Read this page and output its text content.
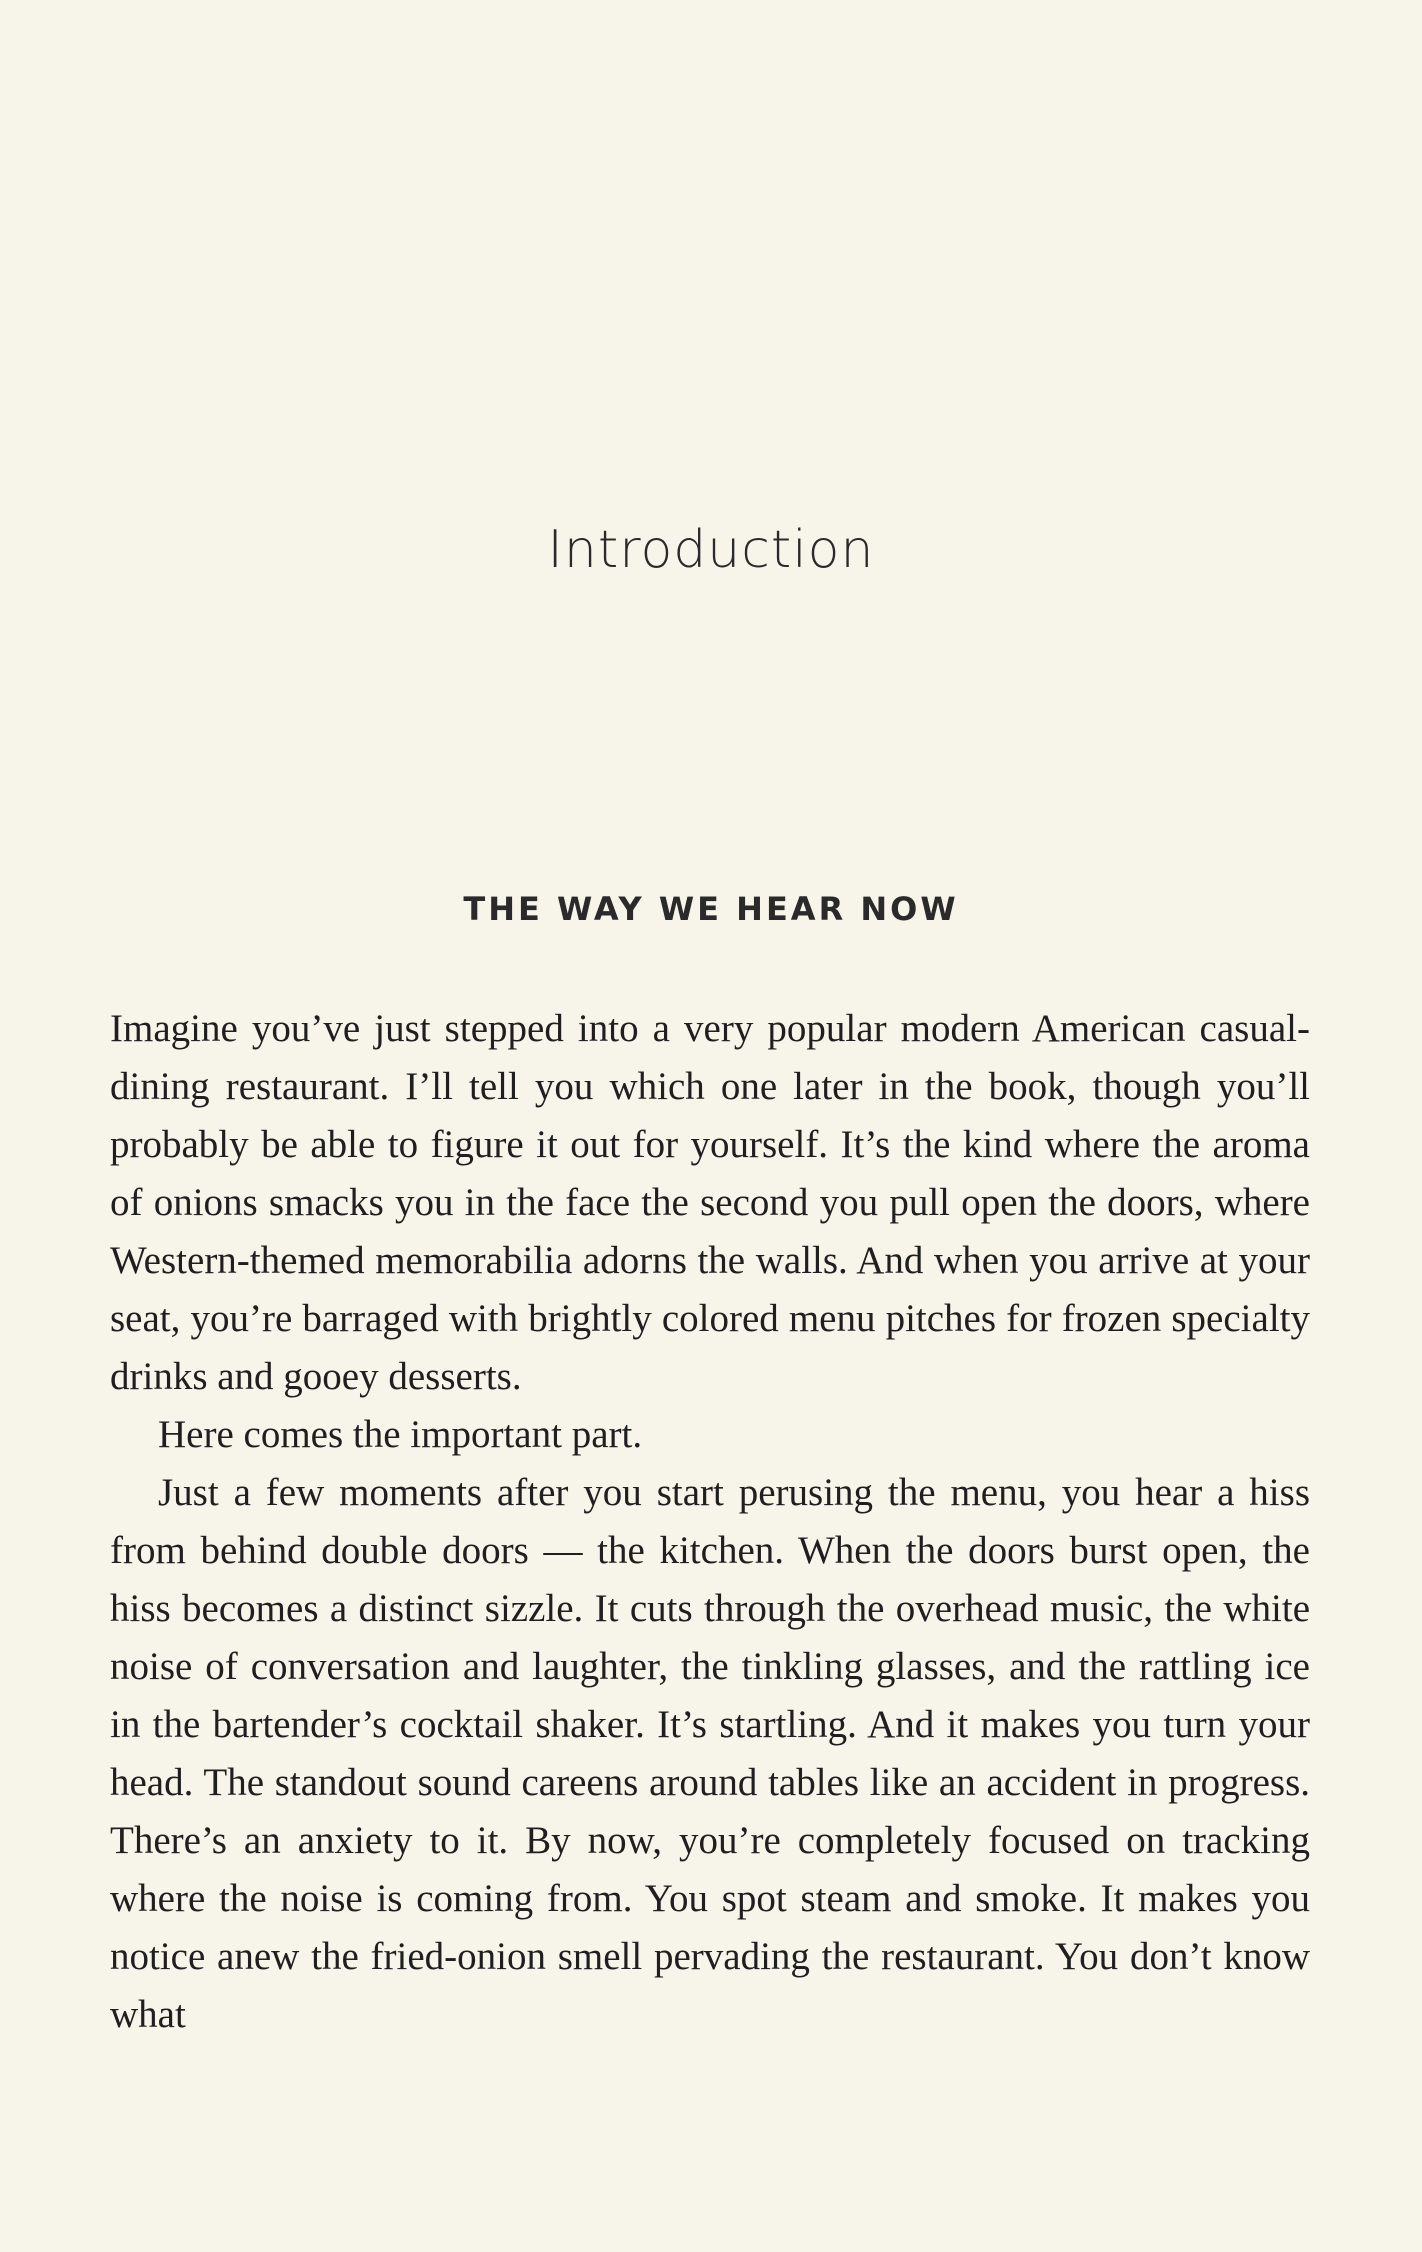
Introduction
THE WAY WE HEAR NOW

Imagine you’ve just stepped into a very popular modern American casual-dining restaurant. I’ll tell you which one later in the book, though you’ll probably be able to figure it out for yourself. It’s the kind where the aroma of onions smacks you in the face the second you pull open the doors, where Western-themed memorabilia adorns the walls. And when you arrive at your seat, you’re barraged with brightly colored menu pitches for frozen specialty drinks and gooey desserts.

Here comes the important part.

Just a few moments after you start perusing the menu, you hear a hiss from behind double doors — the kitchen. When the doors burst open, the hiss becomes a distinct sizzle. It cuts through the overhead music, the white noise of conversation and laughter, the tinkling glasses, and the rattling ice in the bartender’s cocktail shaker. It’s startling. And it makes you turn your head. The standout sound careens around tables like an accident in progress. There’s an anxiety to it. By now, you’re completely focused on tracking where the noise is coming from. You spot steam and smoke. It makes you notice anew the fried-onion smell pervading the restaurant. You don’t know what
